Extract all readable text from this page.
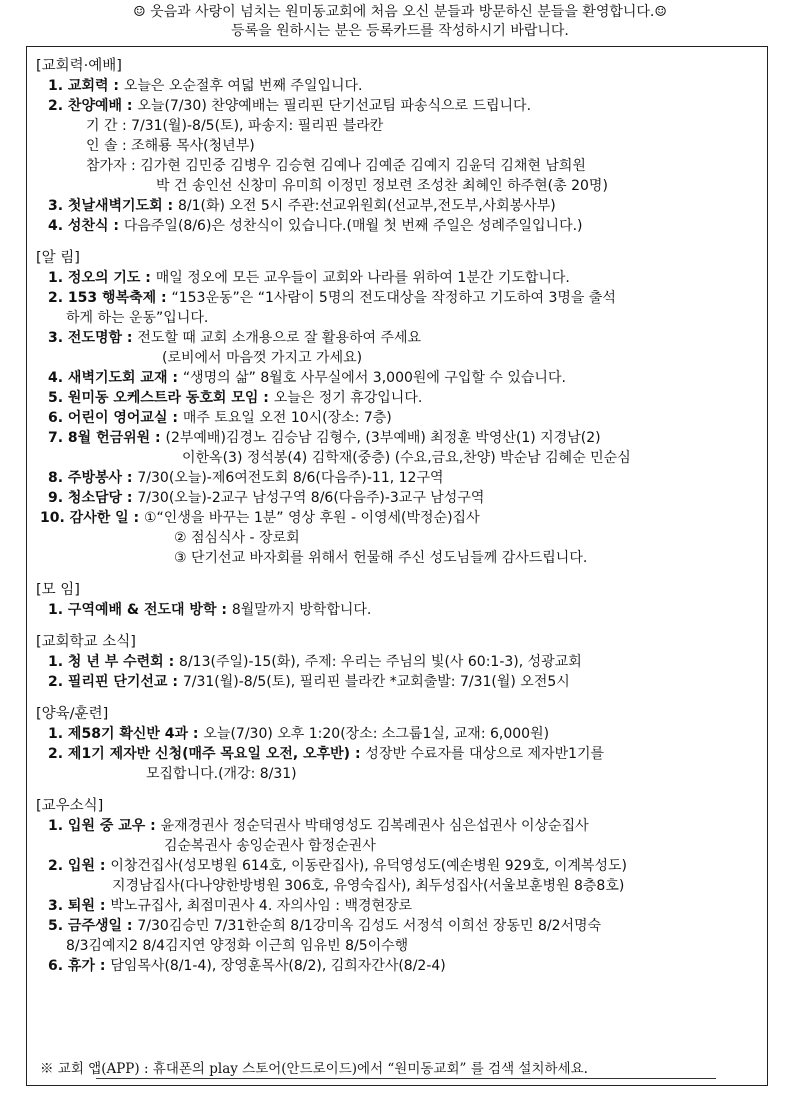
☺ 웃음과 사랑이 넘치는 원미동교회에 처음 오신 분들과 방문하신 분들을 환영합니다.☺
등록을 원하시는 분은 등록카드를 작성하시기 바랍니다.
[교회력·예배]
1. 교회력 : 오늘은 오순절후 여덟 번째 주일입니다.
2. 찬양예배 : 오늘(7/30) 찬양예배는 필리핀 단기선교팀 파송식으로 드립니다.
기 간 : 7/31(월)-8/5(토), 파송지: 필리핀 블라칸
인 솔 : 조해룡 목사(청년부)
참가자 : 김가현 김민중 김병우 김승현 김예나 김예준 김예지 김윤덕 김채현 남희원
박 건 송인선 신창미 유미희 이정민 정보련 조성찬 최혜인 하주현(총 20명)
3. 첫날새벽기도회 : 8/1(화) 오전 5시 주관:선교위원회(선교부,전도부,사회봉사부)
4. 성찬식 : 다음주일(8/6)은 성찬식이 있습니다.(매월 첫 번째 주일은 성례주일입니다.)
[알 림]
1. 정오의 기도 : 매일 정오에 모든 교우들이 교회와 나라를 위하여 1분간 기도합니다.
2. 153 행복축제 : “153운동”은 “1사람이 5명의 전도대상을 작정하고 기도하여 3명을 출석
하게 하는 운동”입니다.
3. 전도명함 : 전도할 때 교회 소개용으로 잘 활용하여 주세요
(로비에서 마음껏 가지고 가세요)
4. 새벽기도회 교재 : “생명의 삶” 8월호 사무실에서 3,000원에 구입할 수 있습니다.
5. 원미동 오케스트라 동호회 모임 : 오늘은 정기 휴강입니다.
6. 어린이 영어교실 : 매주 토요일 오전 10시(장소: 7층)
7. 8월 헌금위원 : (2부예배)김경노 김승남 김형수, (3부예배) 최정훈 박영산(1) 지경남(2)
이한옥(3) 정석봉(4) 김학재(중층) (수요,금요,찬양) 박순남 김혜순 민순심
8. 주방봉사 : 7/30(오늘)-제6여전도회 8/6(다음주)-11, 12구역
9. 청소담당 : 7/30(오늘)-2교구 남성구역 8/6(다음주)-3교구 남성구역
10. 감사한 일 : ①“인생을 바꾸는 1분” 영상 후원 - 이영세(박정순)집사
② 점심식사 - 장로회
③ 단기선교 바자회를 위해서 헌물해 주신 성도님들께 감사드립니다.
[모 임]
1. 구역예배 & 전도대 방학 : 8월말까지 방학합니다.
[교회학교 소식]
1. 청 년 부 수련회 : 8/13(주일)-15(화), 주제: 우리는 주님의 빛(사 60:1-3), 성광교회
2. 필리핀 단기선교 : 7/31(월)-8/5(토), 필리핀 블라칸 *교회출발: 7/31(월) 오전5시
[양육/훈련]
1. 제58기 확신반 4과 : 오늘(7/30) 오후 1:20(장소: 소그룹1실, 교재: 6,000원)
2. 제1기 제자반 신청(매주 목요일 오전, 오후반) : 성장반 수료자를 대상으로 제자반1기를
모집합니다.(개강: 8/31)
[교우소식]
1. 입원 중 교우 : 윤재경권사 정순덕권사 박태영성도 김복례권사 심은섭권사 이상순집사
김순복권사 송잉순권사 함정순권사
2. 입원 : 이창건집사(성모병원 614호, 이동란집사), 유덕영성도(예손병원 929호, 이계복성도)
지경남집사(다나양한방병원 306호, 유영숙집사), 최두성집사(서울보훈병원 8층8호)
3. 퇴원 : 박노규집사, 최점미권사 4. 자의사임 : 백경현장로
5. 금주생일 : 7/30김승민 7/31한순희 8/1강미옥 김성도 서정석 이희선 장동민 8/2서명숙
8/3김예지2 8/4김지연 양정화 이근희 임유빈 8/5이수행
6. 휴가 : 담임목사(8/1-4), 장영훈목사(8/2), 김희자간사(8/2-4)
※ 교회 앱(APP) : 휴대폰의 play 스토어(안드로이드)에서 “원미동교회” 를 검색 설치하세요.
